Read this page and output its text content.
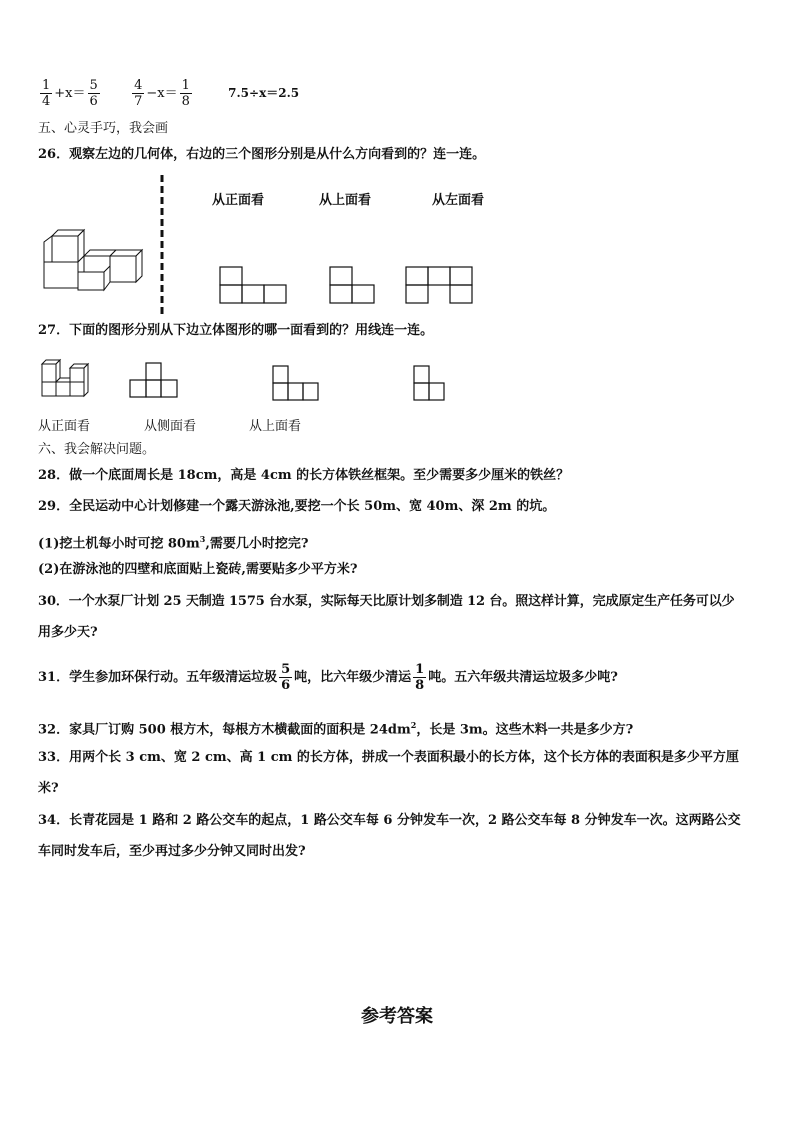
$\frac{1}{4} +x= \frac{5}{6}$
$\frac{4}{7} -x= \frac{1}{8}$	7.5÷x＝2.5
五、心灵手巧，我会画
26．观察左边的几何体，右边的三个图形分别是从什么方向看到的？连一连。
从正面看	从上面看	从左面看
27．下面的图形分别从下边立体图形的哪一面看到的？用线连一连。
从正面看	从侧面看	从上面看
六、我会解决问题。
28．做一个底面周长是 18cm，高是 4cm 的长方体铁丝框架。至少需要多少厘米的铁丝？
29．全民运动中心计划修建一个露天游泳池,要挖一个长 50m、宽 40m、深 2m 的坑。
(1)挖土机每小时可挖 $80m^3$,需要几小时挖完?
(2)在游泳池的四壁和底面贴上瓷砖,需要贴多少平方米?
30．一个水泵厂计划 25 天制造 1575 台水泵，实际每天比原计划多制造 12 台。照这样计算，完成原定生产任务可以少
用多少天?
31．学生参加环保行动。五年级清运垃圾 $\frac{5}{6}$ 吨，比六年级少清运 $\frac{1}{8}$ 吨。五六年级共清运垃圾多少吨?
32．家具厂订购 500 根方木，每根方木横截面的面积是 $24dm^2$，长是 3m。这些木料一共是多少方?
33．用两个长 3 cm、宽 2 cm、高 1 cm 的长方体，拼成一个表面积最小的长方体，这个长方体的表面积是多少平方厘
米?
34．长青花园是 1 路和 2 路公交车的起点，1 路公交车每 6 分钟发车一次，2 路公交车每 8 分钟发车一次。这两路公交
车同时发车后，至少再过多少分钟又同时出发?
参考答案
